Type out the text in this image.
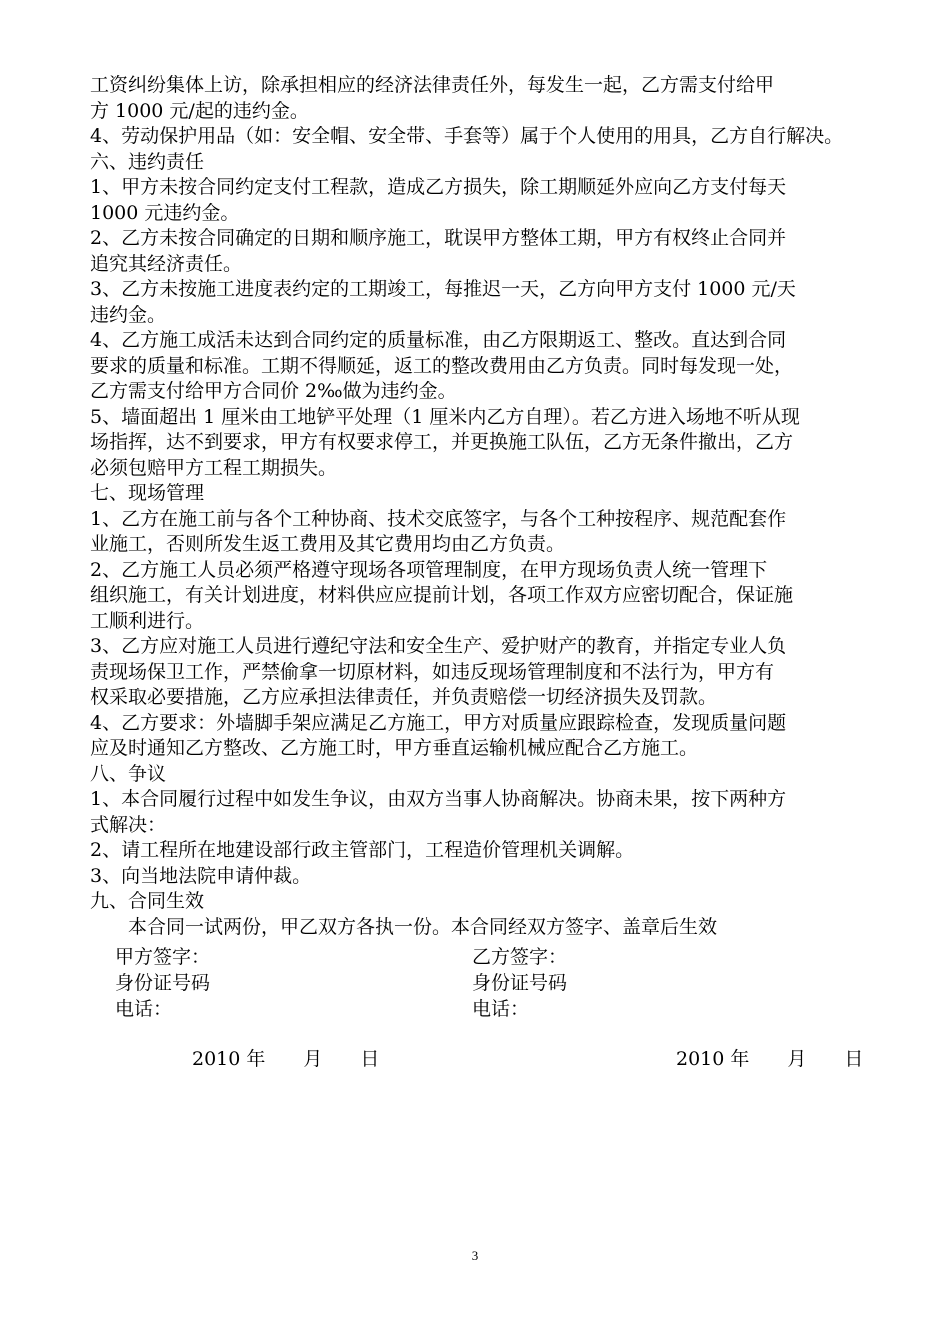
工资纠纷集体上访，除承担相应的经济法律责任外，每发生一起，乙方需支付给甲
方 1000 元/起的违约金。
4、劳动保护用品（如：安全帽、安全带、手套等）属于个人使用的用具，乙方自行解决。
六、违约责任
1、甲方未按合同约定支付工程款，造成乙方损失，除工期顺延外应向乙方支付每天
1000 元违约金。
2、乙方未按合同确定的日期和顺序施工，耽误甲方整体工期，甲方有权终止合同并
追究其经济责任。
3、乙方未按施工进度表约定的工期竣工，每推迟一天，乙方向甲方支付 1000 元/天
违约金。
4、乙方施工成活未达到合同约定的质量标准，由乙方限期返工、整改。直达到合同
要求的质量和标准。工期不得顺延，返工的整改费用由乙方负责。同时每发现一处，
乙方需支付给甲方合同价 2‰做为违约金。
5、墙面超出 1 厘米由工地铲平处理（1 厘米内乙方自理）。若乙方进入场地不听从现
场指挥，达不到要求，甲方有权要求停工，并更换施工队伍，乙方无条件撤出，乙方
必须包赔甲方工程工期损失。
七、现场管理
1、乙方在施工前与各个工种协商、技术交底签字，与各个工种按程序、规范配套作
业施工，否则所发生返工费用及其它费用均由乙方负责。
2、乙方施工人员必须严格遵守现场各项管理制度，在甲方现场负责人统一管理下
组织施工，有关计划进度，材料供应应提前计划，各项工作双方应密切配合，保证施
工顺利进行。
3、乙方应对施工人员进行遵纪守法和安全生产、爱护财产的教育，并指定专业人负
责现场保卫工作，严禁偷拿一切原材料，如违反现场管理制度和不法行为，甲方有
权采取必要措施，乙方应承担法律责任，并负责赔偿一切经济损失及罚款。
4、乙方要求：外墙脚手架应满足乙方施工，甲方对质量应跟踪检查，发现质量问题
应及时通知乙方整改、乙方施工时，甲方垂直运输机械应配合乙方施工。
八、争议
1、本合同履行过程中如发生争议，由双方当事人协商解决。协商未果，按下两种方
式解决：
2、请工程所在地建设部行政主管部门，工程造价管理机关调解。
3、向当地法院申请仲裁。
九、合同生效
　　本合同一试两份，甲乙双方各执一份。本合同经双方签字、盖章后生效
甲方签字：
身份证号码
电话：
乙方签字：
身份证号码
电话：
2010 年　　月　　日	2010 年　　月　　日
3
